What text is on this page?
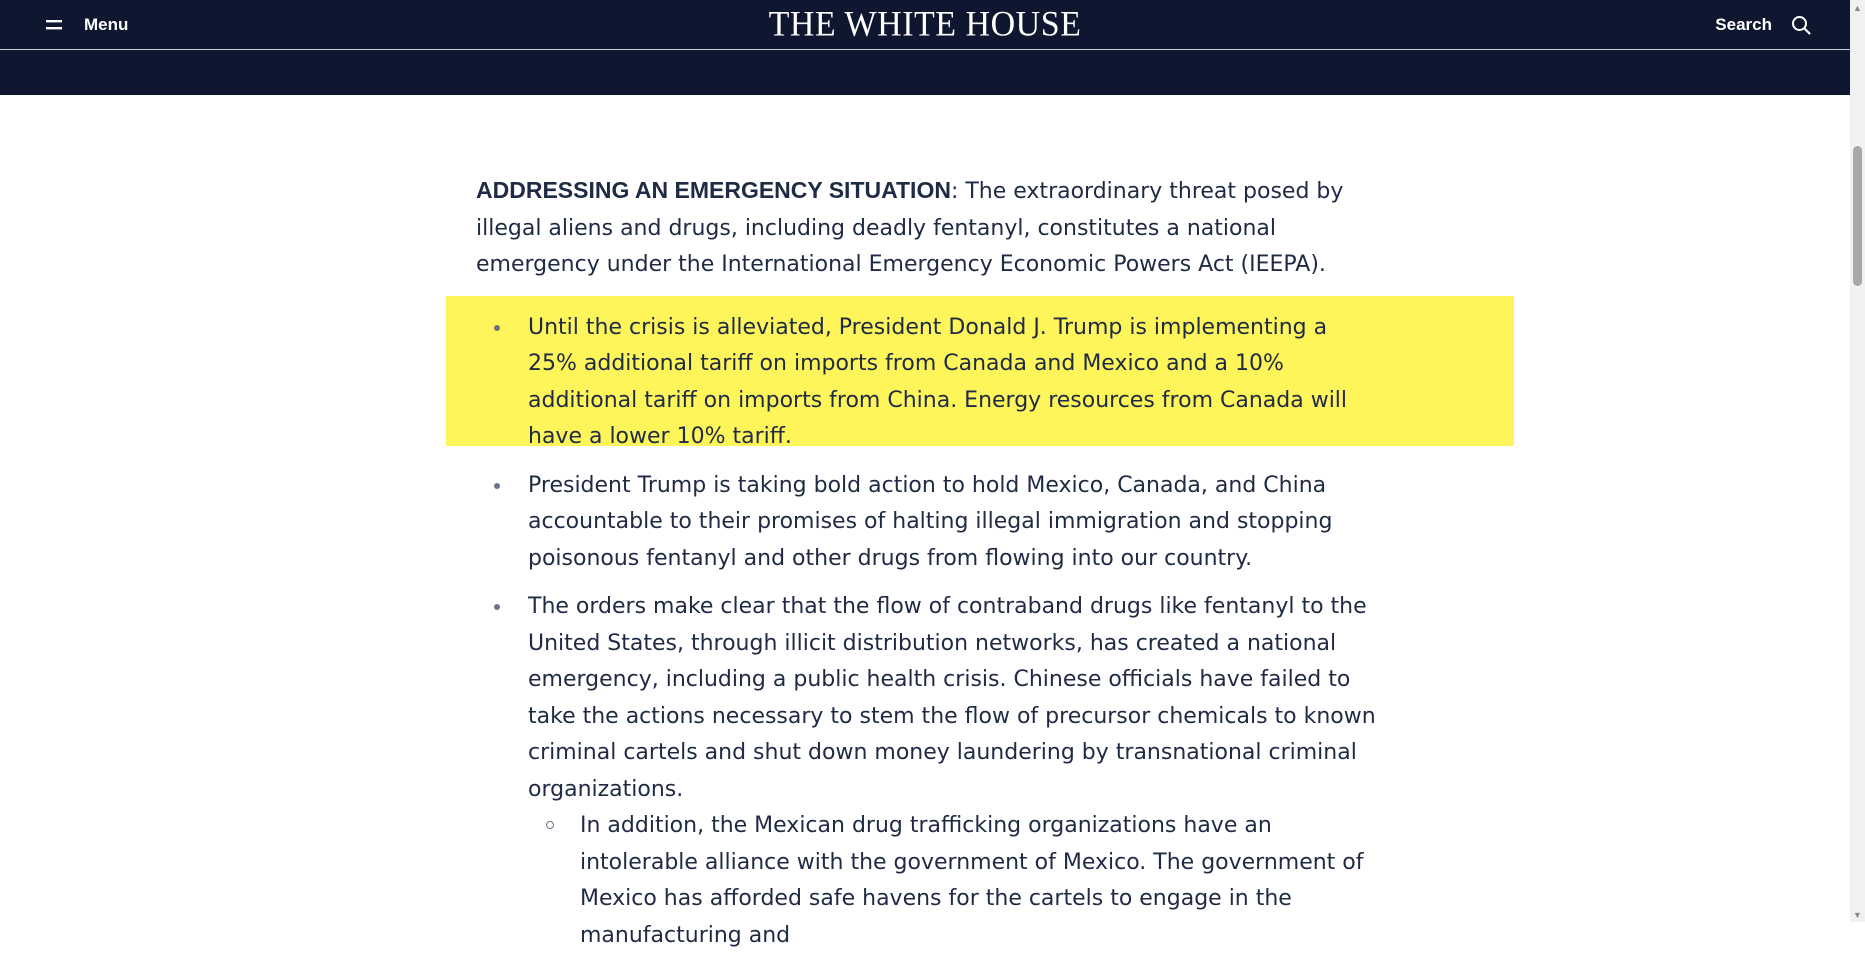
Menu	THE WHITE HOUSE	Search

ADDRESSING AN EMERGENCY SITUATION: The extraordinary threat posed by illegal aliens and drugs, including deadly fentanyl, constitutes a national emergency under the International Emergency Economic Powers Act (IEEPA).

Until the crisis is alleviated, President Donald J. Trump is implementing a 25% additional tariff on imports from Canada and Mexico and a 10% additional tariff on imports from China. Energy resources from Canada will have a lower 10% tariff.
President Trump is taking bold action to hold Mexico, Canada, and China accountable to their promises of halting illegal immigration and stopping poisonous fentanyl and other drugs from flowing into our country.
The orders make clear that the flow of contraband drugs like fentanyl to the United States, through illicit distribution networks, has created a national emergency, including a public health crisis. Chinese officials have failed to take the actions necessary to stem the flow of precursor chemicals to known criminal cartels and shut down money laundering by transnational criminal organizations.
In addition, the Mexican drug trafficking organizations have an intolerable alliance with the government of Mexico. The government of Mexico has afforded safe havens for the cartels to engage in the manufacturing and
▲
▼
